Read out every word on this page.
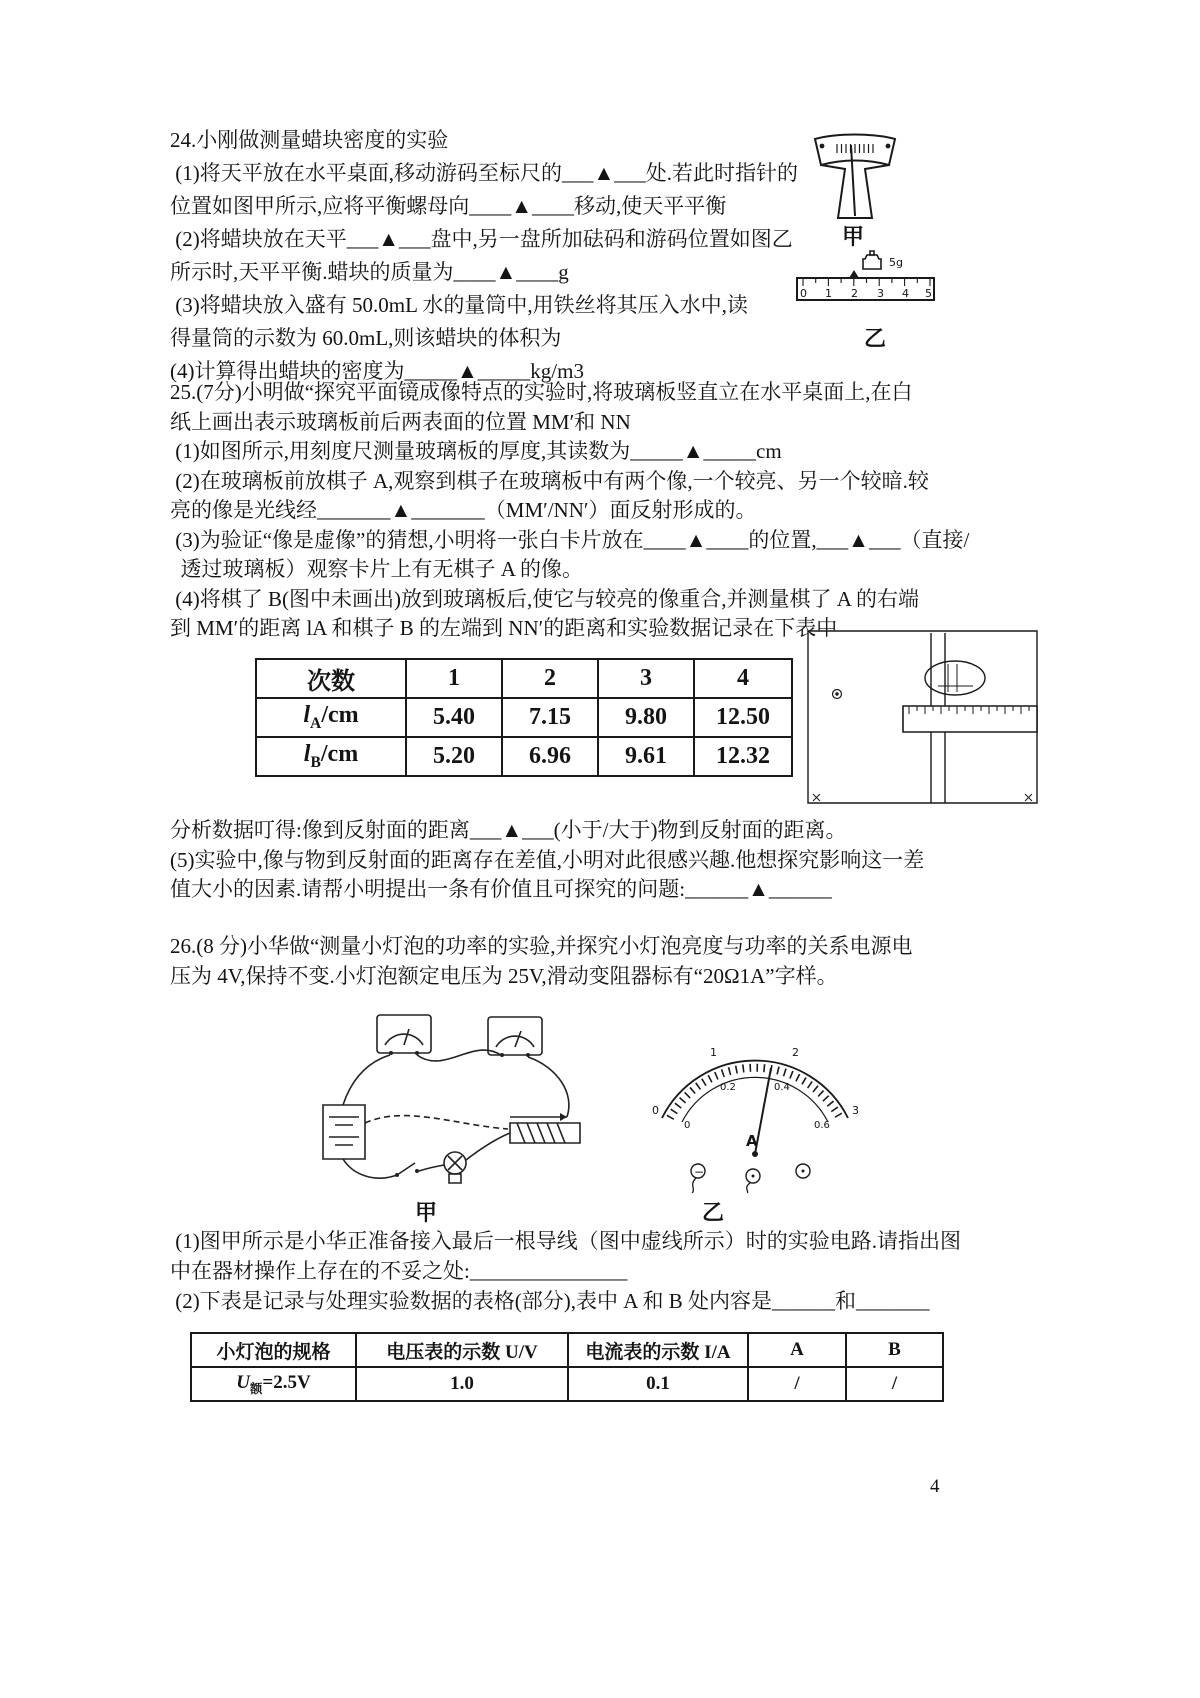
24.小刚做测量蜡块密度的实验
(1)将天平放在水平桌面,移动游码至标尺的___▲___处.若此时指针的
位置如图甲所示,应将平衡螺母向____▲____移动,使天平平衡
(2)将蜡块放在天平___▲___盘中,另一盘所加砝码和游码位置如图乙
所示时,天平平衡.蜡块的质量为____▲____g
(3)将蜡块放入盛有 50.0mL 水的量筒中,用铁丝将其压入水中,读
得量筒的示数为 60.0mL,则该蜡块的体积为
(4)计算得出蜡块的密度为_____▲_____kg/m3
甲
5g
0 1 2 3 4 5
乙
25.(7分)小明做“探究平面镜成像特点的实验时,将玻璃板竖直立在水平桌面上,在白
纸上画出表示玻璃板前后两表面的位置 MM′和 NN
(1)如图所示,用刻度尺测量玻璃板的厚度,其读数为_____▲_____cm
(2)在玻璃板前放棋子 A,观察到棋子在玻璃板中有两个像,一个较亮、另一个较暗.较
亮的像是光线经_______▲_______（MM′/NN′）面反射形成的。
(3)为验证“像是虚像”的猜想,小明将一张白卡片放在____▲____的位置,___▲___（直接/
透过玻璃板）观察卡片上有无棋子 A 的像。
(4)将棋了 B(图中未画出)放到玻璃板后,使它与较亮的像重合,并测量棋了 A 的右端
到 MM′的距离 lA 和棋子 B 的左端到 NN′的距离和实验数据记录在下表中
次数	1	2	3	4
$l_A/cm$	5.40	7.15	9.80	12.50
$l_B/cm$	5.20	6.96	9.61	12.32
分析数据叮得:像到反射面的距离___▲___(小于/大于)物到反射面的距离。
(5)实验中,像与物到反射面的距离存在差值,小明对此很感兴趣.他想探究影响这一差
值大小的因素.请帮小明提出一条有价值且可探究的问题:______▲______
26.(8 分)小华做“测量小灯泡的功率的实验,并探究小灯泡亮度与功率的关系电源电
压为 4V,保持不变.小灯泡额定电压为 25V,滑动变阻器标有“20Ω1A”字样。
甲
0
1	2
3
0
0.2	0.4
0.6
A
−
乙
(1)图甲所示是小华正准备接入最后一根导线（图中虚线所示）时的实验电路.请指出图
中在器材操作上存在的不妥之处:_______________
(2)下表是记录与处理实验数据的表格(部分),表中 A 和 B 处内容是______和_______
小灯泡的规格	电压表的示数 U/V	电流表的示数 I/A	A	B
$U_额=2.5V$	1.0	0.1	/	/
4
